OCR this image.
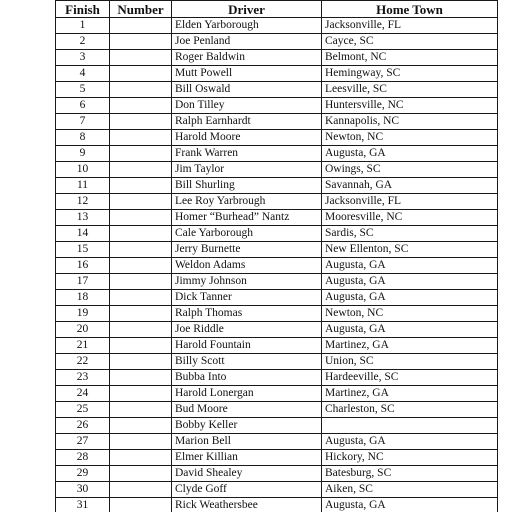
Finish	Number	Driver	Home Town
1		Elden Yarborough	Jacksonville, FL
2		Joe Penland	Cayce, SC
3		Roger Baldwin	Belmont, NC
4		Mutt Powell	Hemingway, SC
5		Bill Oswald	Leesville, SC
6		Don Tilley	Huntersville, NC
7		Ralph Earnhardt	Kannapolis, NC
8		Harold Moore	Newton, NC
9		Frank Warren	Augusta, GA
10		Jim Taylor	Owings, SC
11		Bill Shurling	Savannah, GA
12		Lee Roy Yarbrough	Jacksonville, FL
13		Homer “Burhead” Nantz	Mooresville, NC
14		Cale Yarborough	Sardis, SC
15		Jerry Burnette	New Ellenton, SC
16		Weldon Adams	Augusta, GA
17		Jimmy Johnson	Augusta, GA
18		Dick Tanner	Augusta, GA
19		Ralph Thomas	Newton, NC
20		Joe Riddle	Augusta, GA
21		Harold Fountain	Martinez, GA
22		Billy Scott	Union, SC
23		Bubba Into	Hardeeville, SC
24		Harold Lonergan	Martinez, GA
25		Bud Moore	Charleston, SC
26		Bobby Keller	
27		Marion Bell	Augusta, GA
28		Elmer Killian	Hickory, NC
29		David Shealey	Batesburg, SC
30		Clyde Goff	Aiken, SC
31		Rick Weathersbee	Augusta, GA
